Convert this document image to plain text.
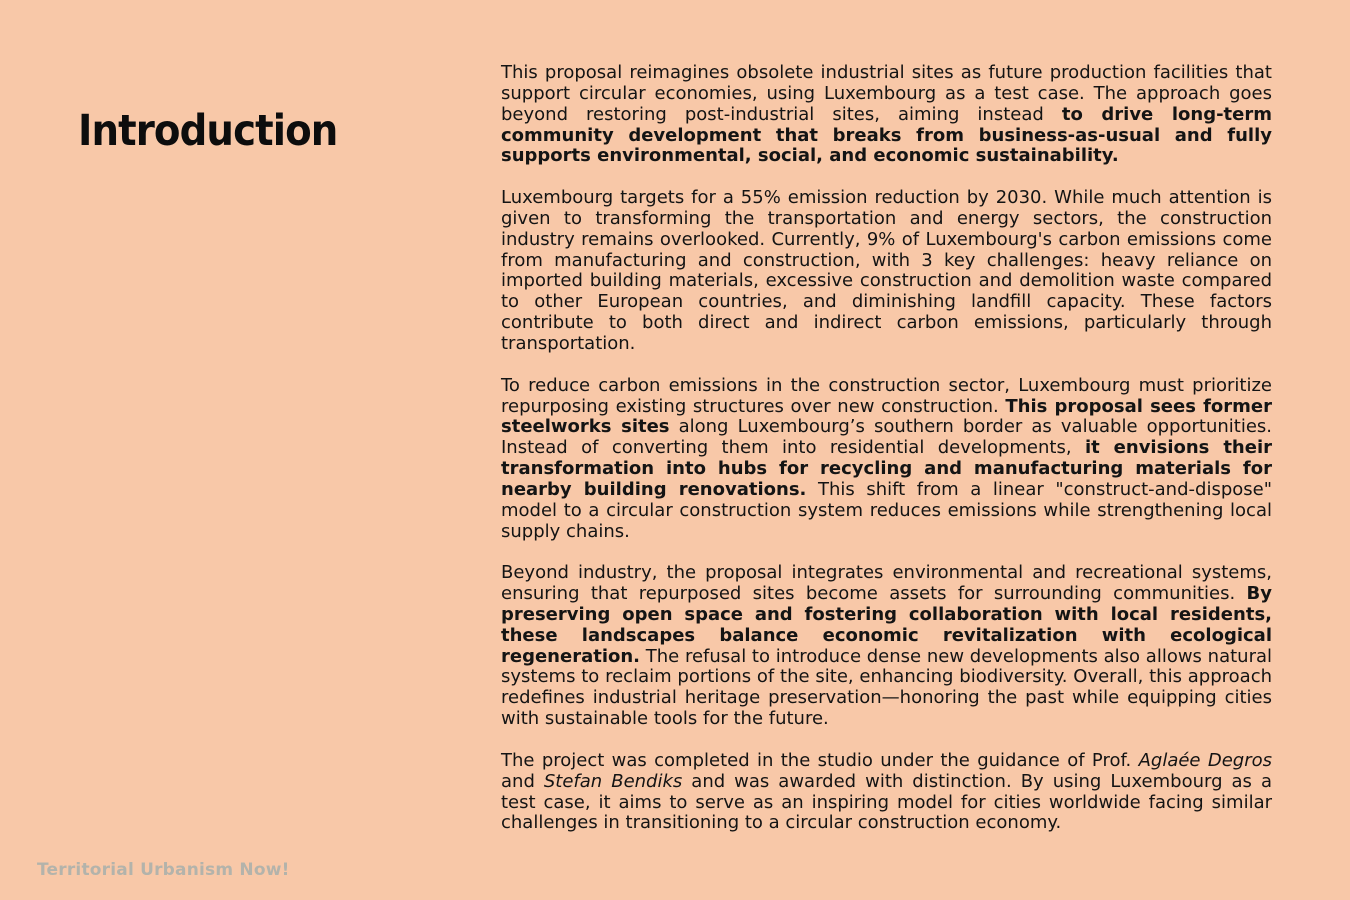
Introduction

This proposal reimagines obsolete industrial sites as future production facilities that support circular economies, using Luxembourg as a test case. The approach goes beyond restoring post-industrial sites, aiming instead to drive long-term community development that breaks from business-as-usual and fully supports environmental, social, and economic sustainability.

Luxembourg targets for a 55% emission reduction by 2030. While much attention is given to transforming the transportation and energy sectors, the construction industry remains overlooked. Currently, 9% of Luxembourg's carbon emissions come from manufacturing and construction, with 3 key challenges: heavy reliance on imported building materials, excessive construction and demolition waste compared to other European countries, and diminishing landfill capacity. These factors contribute to both direct and indirect carbon emissions, particularly through transportation.

To reduce carbon emissions in the construction sector, Luxembourg must prioritize repurposing existing structures over new construction. This proposal sees former steelworks sites along Luxembourg’s southern border as valuable opportunities. Instead of converting them into residential developments, it envisions their transformation into hubs for recycling and manufacturing materials for nearby building renovations. This shift from a linear "construct-and-dispose" model to a circular construction system reduces emissions while strengthening local supply chains.

Beyond industry, the proposal integrates environmental and recreational systems, ensuring that repurposed sites become assets for surrounding communities. By preserving open space and fostering collaboration with local residents, these landscapes balance economic revitalization with ecological regeneration. The refusal to introduce dense new developments also allows natural systems to reclaim portions of the site, enhancing biodiversity. Overall, this approach redefines industrial heritage preservation—honoring the past while equipping cities with sustainable tools for the future.

The project was completed in the studio under the guidance of Prof. Aglaée Degros and Stefan Bendiks and was awarded with distinction. By using Luxembourg as a test case, it aims to serve as an inspiring model for cities worldwide facing similar challenges in transitioning to a circular construction economy.

Territorial Urbanism Now!
